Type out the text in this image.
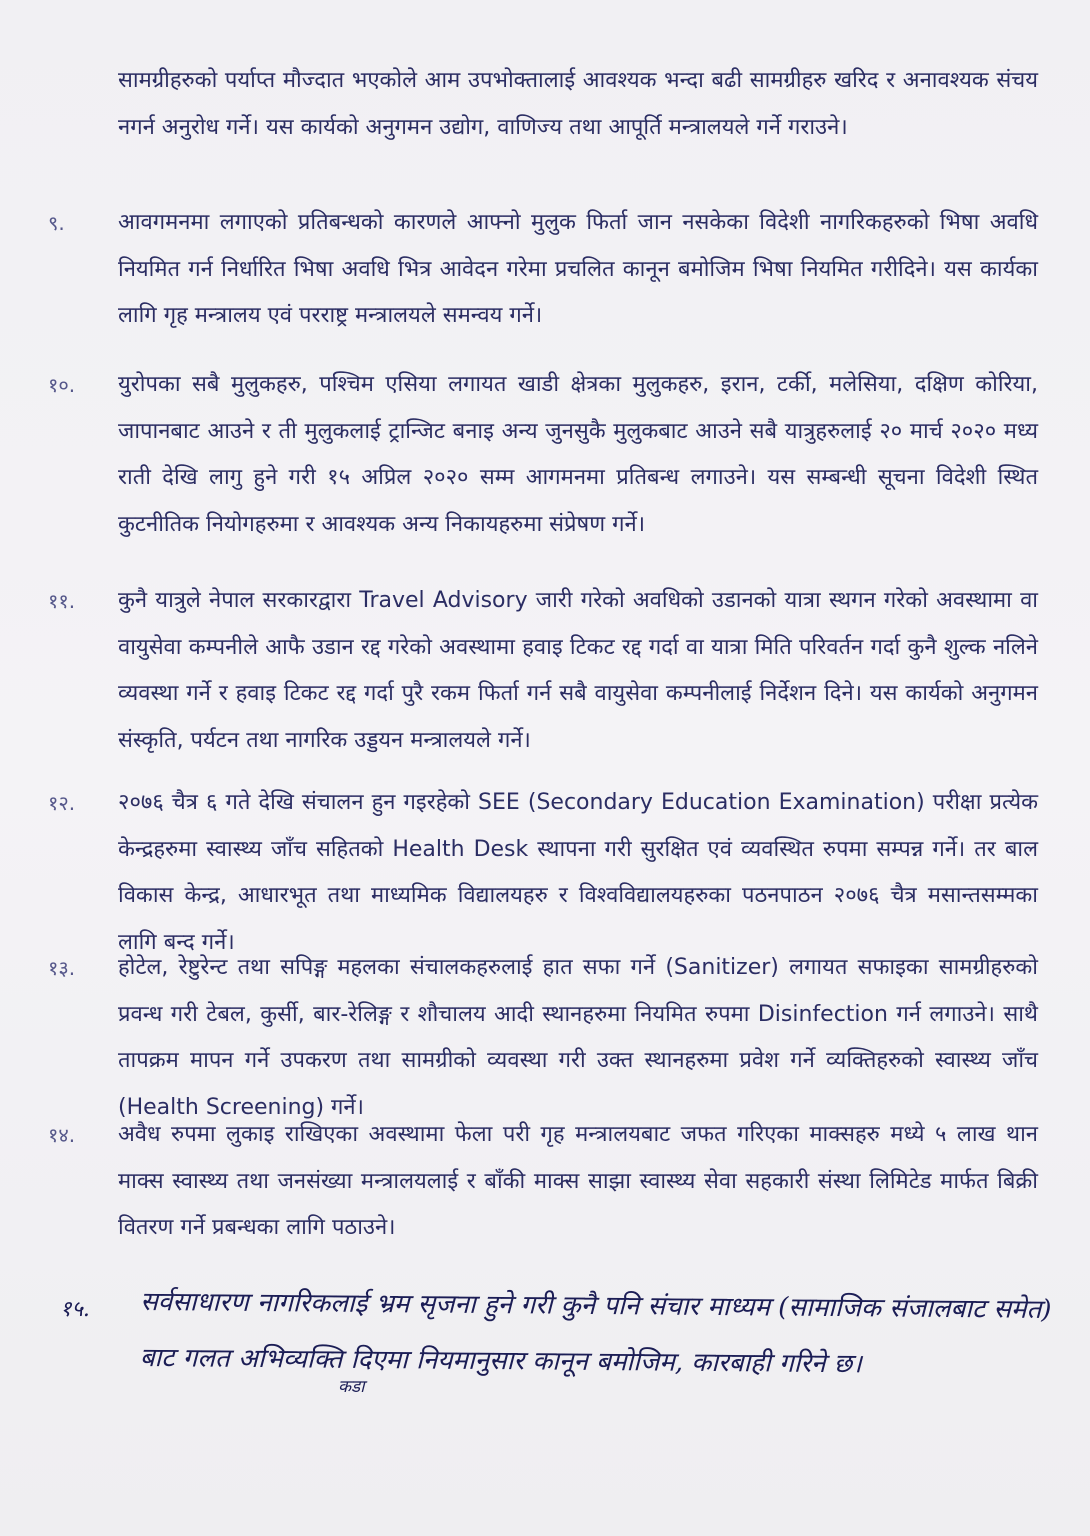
सामग्रीहरुको पर्याप्त मौज्दात भएकोले आम उपभोक्तालाई आवश्यक भन्दा बढी सामग्रीहरु खरिद र अनावश्यक संचय नगर्न अनुरोध गर्ने। यस कार्यको अनुगमन उद्योग, वाणिज्य तथा आपूर्ति मन्त्रालयले गर्ने गराउने।

९.	आवगमनमा लगाएको प्रतिबन्धको कारणले आफ्नो मुलुक फिर्ता जान नसकेका विदेशी नागरिकहरुको भिषा अवधि नियमित गर्न निर्धारित भिषा अवधि भित्र आवेदन गरेमा प्रचलित कानून बमोजिम भिषा नियमित गरीदिने। यस कार्यका लागि गृह मन्त्रालय एवं परराष्ट्र मन्त्रालयले समन्वय गर्ने।

१०.	युरोपका सबै मुलुकहरु, पश्चिम एसिया लगायत खाडी क्षेत्रका मुलुकहरु, इरान, टर्की, मलेसिया, दक्षिण कोरिया, जापानबाट आउने र ती मुलुकलाई ट्रान्जिट बनाइ अन्य जुनसुकै मुलुकबाट आउने सबै यात्रुहरुलाई २० मार्च २०२० मध्य राती देखि लागु हुने गरी १५ अप्रिल २०२० सम्म आगमनमा प्रतिबन्ध लगाउने। यस सम्बन्धी सूचना विदेशी स्थित कुटनीतिक नियोगहरुमा र आवश्यक अन्य निकायहरुमा संप्रेषण गर्ने।

११.	कुनै यात्रुले नेपाल सरकारद्वारा Travel Advisory जारी गरेको अवधिको उडानको यात्रा स्थगन गरेको अवस्थामा वा वायुसेवा कम्पनीले आफै उडान रद्द गरेको अवस्थामा हवाइ टिकट रद्द गर्दा वा यात्रा मिति परिवर्तन गर्दा कुनै शुल्क नलिने व्यवस्था गर्ने र हवाइ टिकट रद्द गर्दा पुरै रकम फिर्ता गर्न सबै वायुसेवा कम्पनीलाई निर्देशन दिने। यस कार्यको अनुगमन संस्कृति, पर्यटन तथा नागरिक उड्डयन मन्त्रालयले गर्ने।

१२.	२०७६ चैत्र ६ गते देखि संचालन हुन गइरहेको SEE (Secondary Education Examination) परीक्षा प्रत्येक केन्द्रहरुमा स्वास्थ्य जाँच सहितको Health Desk स्थापना गरी सुरक्षित एवं व्यवस्थित रुपमा सम्पन्न गर्ने। तर बाल विकास केन्द्र, आधारभूत तथा माध्यमिक विद्यालयहरु र विश्वविद्यालयहरुका पठनपाठन २०७६ चैत्र मसान्तसम्मका लागि बन्द गर्ने।

१३.	होटेल, रेष्टुरेन्ट तथा सपिङ्ग महलका संचालकहरुलाई हात सफा गर्ने (Sanitizer) लगायत सफाइका सामग्रीहरुको प्रवन्ध गरी टेबल, कुर्सी, बार-रेलिङ्ग र शौचालय आदी स्थानहरुमा नियमित रुपमा Disinfection गर्न लगाउने। साथै तापक्रम मापन गर्ने उपकरण तथा सामग्रीको व्यवस्था गरी उक्त स्थानहरुमा प्रवेश गर्ने व्यक्तिहरुको स्वास्थ्य जाँच (Health Screening) गर्ने।

१४.	अवैध रुपमा लुकाइ राखिएका अवस्थामा फेला परी गृह मन्त्रालयबाट जफत गरिएका माक्सहरु मध्ये ५ लाख थान माक्स स्वास्थ्य तथा जनसंख्या मन्त्रालयलाई र बाँकी माक्स साझा स्वास्थ्य सेवा सहकारी संस्था लिमिटेड मार्फत बिक्री वितरण गर्ने प्रबन्धका लागि पठाउने।

१५.
कडा

सर्वसाधारण नागरिकलाई भ्रम सृजना हुने गरी कुनै पनि संचार माध्यम (सामाजिक संजालबाट समेत) बाट गलत अभिव्यक्ति दिएमा नियमानुसार कानून बमोजिम, कारबाही गरिने छ।
